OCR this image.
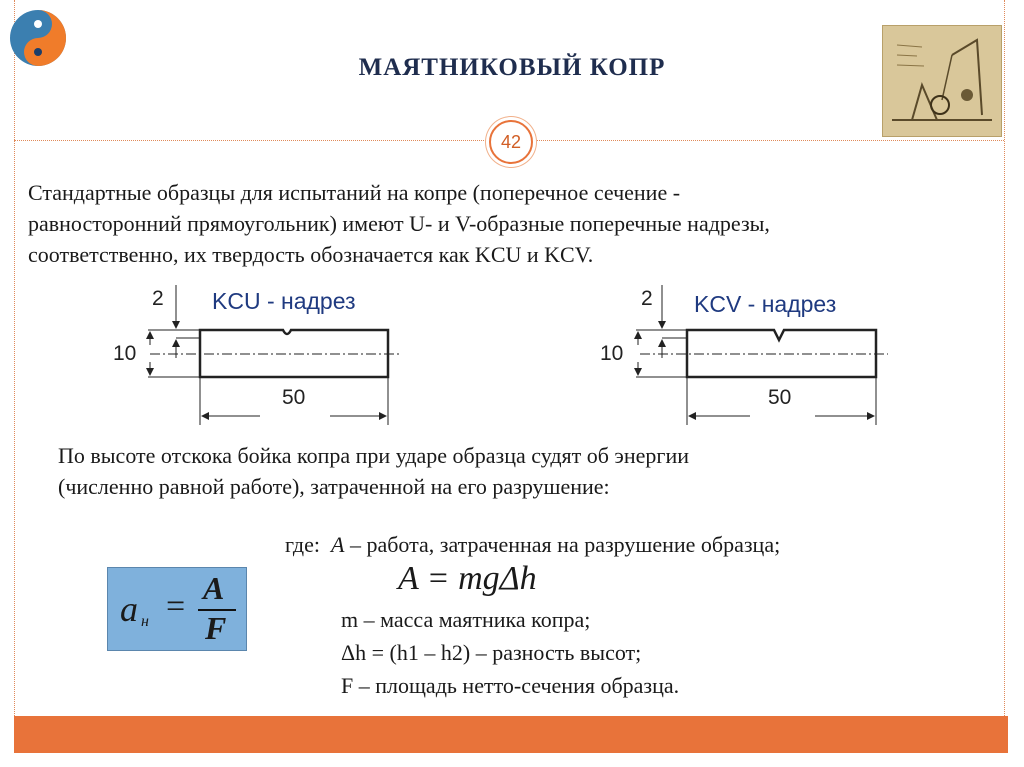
МАЯТНИКОВЫЙ КОПР
42
Стандартные образцы для испытаний на копре (поперечное сечение -
равносторонний прямоугольник) имеют U- и V-образные поперечные надрезы,
соответственно, их твердость обозначается как KCU и KCV.
2 KCU - надрез
10
50
2 KCV - надрез
10
50
По высоте отскока бойка копра при ударе образца судят об энергии
(численно равной работе), затраченной на его разрушение:
где: A – работа, затраченная на разрушение образца;
a н = A
F
A = mgΔh
m – масса маятника копра;
Δh = (h1 – h2) – разность высот;
F – площадь нетто-сечения образца.
